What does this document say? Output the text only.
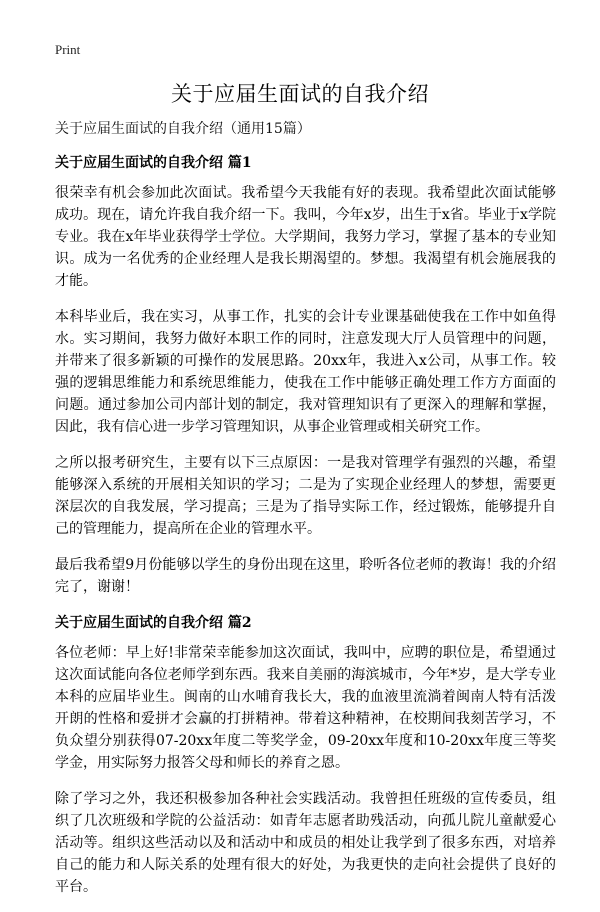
Print
关于应届生面试的自我介绍

关于应届生面试的自我介绍（通用15篇）

关于应届生面试的自我介绍 篇1

很荣幸有机会参加此次面试。我希望今天我能有好的表现。我希望此次面试能够成功。现在，请允许我自我介绍一下。我叫，今年x岁，出生于x省。毕业于x学院专业。我在x年毕业获得学士学位。大学期间，我努力学习，掌握了基本的专业知识。成为一名优秀的企业经理人是我长期渴望的。梦想。我渴望有机会施展我的才能。

本科毕业后，我在实习，从事工作，扎实的会计专业课基础使我在工作中如鱼得水。实习期间，我努力做好本职工作的同时，注意发现大厅人员管理中的问题，并带来了很多新颖的可操作的发展思路。20xx年，我进入x公司，从事工作。较强的逻辑思维能力和系统思维能力，使我在工作中能够正确处理工作方方面面的问题。通过参加公司内部计划的制定，我对管理知识有了更深入的理解和掌握，因此，我有信心进一步学习管理知识，从事企业管理或相关研究工作。

之所以报考研究生，主要有以下三点原因：一是我对管理学有强烈的兴趣，希望能够深入系统的开展相关知识的学习；二是为了实现企业经理人的梦想，需要更深层次的自我发展，学习提高；三是为了指导实际工作，经过锻炼，能够提升自己的管理能力，提高所在企业的管理水平。

最后我希望9月份能够以学生的身份出现在这里，聆听各位老师的教诲！我的介绍完了，谢谢！

关于应届生面试的自我介绍 篇2

各位老师：早上好!非常荣幸能参加这次面试，我叫中，应聘的职位是，希望通过这次面试能向各位老师学到东西。我来自美丽的海滨城市，今年*岁，是大学专业本科的应届毕业生。闽南的山水哺育我长大，我的血液里流淌着闽南人特有活泼开朗的性格和爱拼才会赢的打拼精神。带着这种精神，在校期间我刻苦学习，不负众望分别获得07-20xx年度二等奖学金，09-20xx年度和10-20xx年度三等奖学金，用实际努力报答父母和师长的养育之恩。

除了学习之外，我还积极参加各种社会实践活动。我曾担任班级的宣传委员，组织了几次班级和学院的公益活动：如青年志愿者助残活动，向孤儿院儿童献爱心活动等。组织这些活动以及和活动中和成员的相处让我学到了很多东西，对培养自己的能力和人际关系的处理有很大的好处，为我更快的走向社会提供了良好的平台。
